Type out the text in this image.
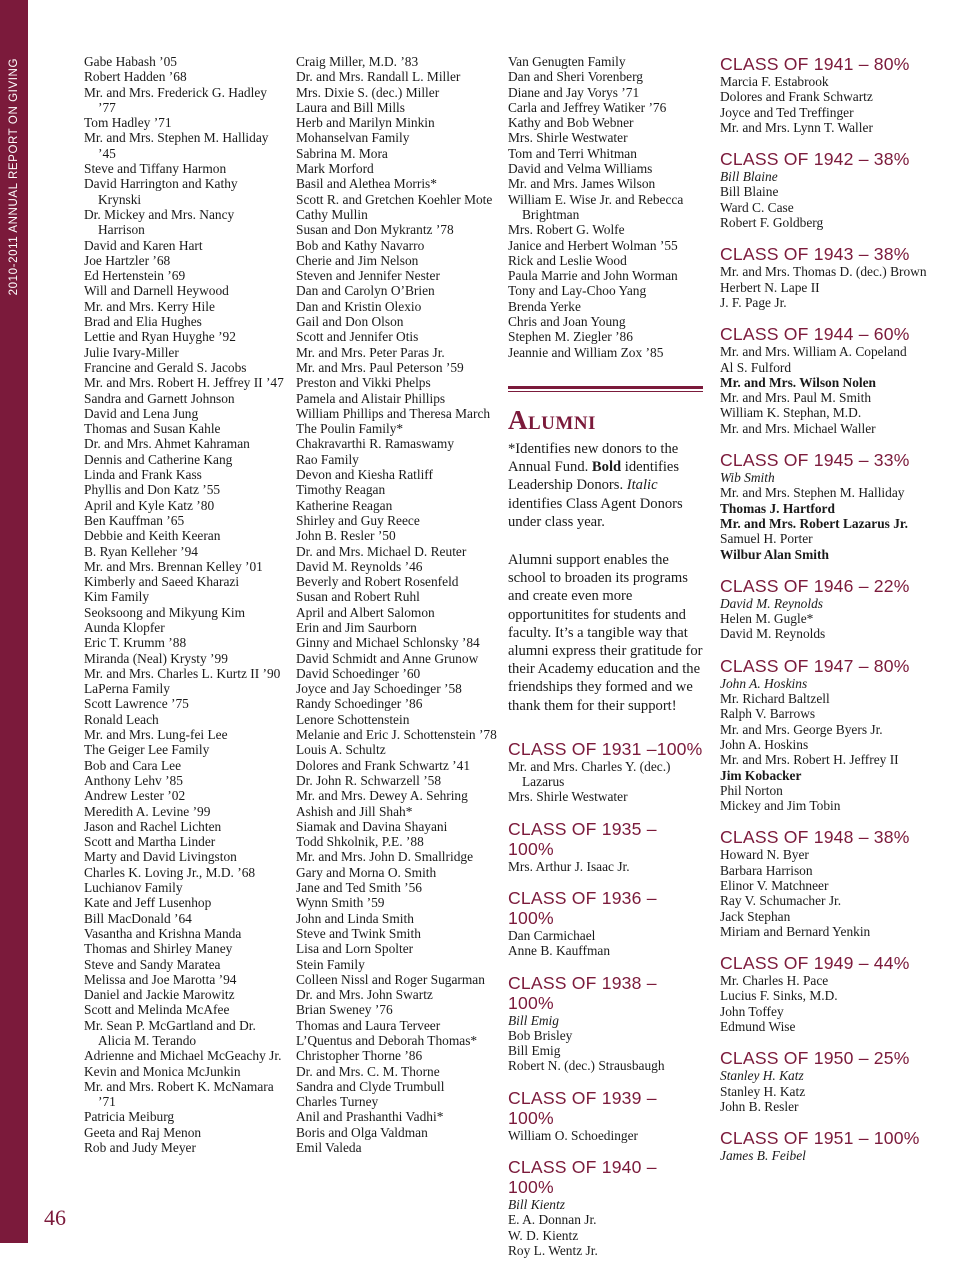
2010-2011 ANNUAL REPORT ON GIVING	Gabe Habash ’05
Robert Hadden ’68
Mr. and Mrs. Frederick G. Hadley ’77
Tom Hadley ’71
Mr. and Mrs. Stephen M. Halliday ’45
Steve and Tiffany Harmon
David Harrington and Kathy Krynski
Dr. Mickey and Mrs. Nancy Harrison
David and Karen Hart
Joe Hartzler ’68
Ed Hertenstein ’69
Will and Darnell Heywood
Mr. and Mrs. Kerry Hile
Brad and Elia Hughes
Lettie and Ryan Huyghe ’92
Julie Ivary-Miller
Francine and Gerald S. Jacobs
Mr. and Mrs. Robert H. Jeffrey II ’47
Sandra and Garnett Johnson
David and Lena Jung
Thomas and Susan Kahle
Dr. and Mrs. Ahmet Kahraman
Dennis and Catherine Kang
Linda and Frank Kass
Phyllis and Don Katz ’55
April and Kyle Katz ’80
Ben Kauffman ’65
Debbie and Keith Keeran
B. Ryan Kelleher ’94
Mr. and Mrs. Brennan Kelley ’01
Kimberly and Saeed Kharazi
Kim Family
Seoksoong and Mikyung Kim
Aunda Klopfer
Eric T. Krumm ’88
Miranda (Neal) Krysty ’99
Mr. and Mrs. Charles L. Kurtz II ’90
LaPerna Family
Scott Lawrence ’75
Ronald Leach
Mr. and Mrs. Lung-fei Lee
The Geiger Lee Family
Bob and Cara Lee
Anthony Lehv ’85
Andrew Lester ’02
Meredith A. Levine ’99
Jason and Rachel Lichten
Scott and Martha Linder
Marty and David Livingston
Charles K. Loving Jr., M.D. ’68
Luchianov Family
Kate and Jeff Lusenhop
Bill MacDonald ’64
Vasantha and Krishna Manda
Thomas and Shirley Maney
Steve and Sandy Maratea
Melissa and Joe Marotta ’94
Daniel and Jackie Marowitz
Scott and Melinda McAfee
Mr. Sean P. McGartland and Dr. Alicia M. Terando
Adrienne and Michael McGeachy Jr.
Kevin and Monica McJunkin
Mr. and Mrs. Robert K. McNamara ’71
Patricia Meiburg
Geeta and Raj Menon
Rob and Judy Meyer
Craig Miller, M.D. ’83
Dr. and Mrs. Randall L. Miller
Mrs. Dixie S. (dec.) Miller
Laura and Bill Mills
Herb and Marilyn Minkin
Mohanselvan Family
Sabrina M. Mora
Mark Morford
Basil and Alethea Morris*
Scott R. and Gretchen Koehler Mote
Cathy Mullin
Susan and Don Mykrantz ’78
Bob and Kathy Navarro
Cherie and Jim Nelson
Steven and Jennifer Nester
Dan and Carolyn O’Brien
Dan and Kristin Olexio
Gail and Don Olson
Scott and Jennifer Otis
Mr. and Mrs. Peter Paras Jr.
Mr. and Mrs. Paul Peterson ’59
Preston and Vikki Phelps
Pamela and Alistair Phillips
William Phillips and Theresa March
The Poulin Family*
Chakravarthi R. Ramaswamy
Rao Family
Devon and Kiesha Ratliff
Timothy Reagan
Katherine Reagan
Shirley and Guy Reece
John B. Resler ’50
Dr. and Mrs. Michael D. Reuter
David M. Reynolds ’46
Beverly and Robert Rosenfeld
Susan and Robert Ruhl
April and Albert Salomon
Erin and Jim Saurborn
Ginny and Michael Schlonsky ’84
David Schmidt and Anne Grunow
David Schoedinger ’60
Joyce and Jay Schoedinger ’58
Randy Schoedinger ’86
Lenore Schottenstein
Melanie and Eric J. Schottenstein ’78
Louis A. Schultz
Dolores and Frank Schwartz ’41
Dr. John R. Schwarzell ’58
Mr. and Mrs. Dewey A. Sehring
Ashish and Jill Shah*
Siamak and Davina Shayani
Todd Shkolnik, P.E. ’88
Mr. and Mrs. John D. Smallridge
Gary and Morna O. Smith
Jane and Ted Smith ’56
Wynn Smith ’59
John and Linda Smith
Steve and Twink Smith
Lisa and Lorn Spolter
Stein Family
Colleen Nissl and Roger Sugarman
Dr. and Mrs. John Swartz
Brian Sweney ’76
Thomas and Laura Terveer
L’Quentus and Deborah Thomas*
Christopher Thorne ’86
Dr. and Mrs. C. M. Thorne
Sandra and Clyde Trumbull
Charles Turney
Anil and Prashanthi Vadhi*
Boris and Olga Valdman
Emil Valeda
Van Genugten Family
Dan and Sheri Vorenberg
Diane and Jay Vorys ’71
Carla and Jeffrey Watiker ’76
Kathy and Bob Webner
Mrs. Shirle Westwater
Tom and Terri Whitman
David and Velma Williams
Mr. and Mrs. James Wilson
William E. Wise Jr. and Rebecca Brightman
Mrs. Robert G. Wolfe
Janice and Herbert Wolman ’55
Rick and Leslie Wood
Paula Marrie and John Worman
Tony and Lay-Choo Yang
Brenda Yerke
Chris and Joan Young
Stephen M. Ziegler ’86
Jeannie and William Zox ’85
Alumni
*Identifies new donors to the Annual Fund. Bold identifies Leadership Donors. Italic identifies Class Agent Donors under class year.
Alumni support enables the school to broaden its programs and create even more opportunitites for students and faculty. It’s a tangible way that alumni express their gratitude for their Academy education and the friendships they formed and we thank them for their support!
CLASS OF 1931 –100%
Mr. and Mrs. Charles Y. (dec.) Lazarus
Mrs. Shirle Westwater
CLASS OF 1935 – 100%
Mrs. Arthur J. Isaac Jr.
CLASS OF 1936 – 100%
Dan Carmichael
Anne B. Kauffman
CLASS OF 1938 – 100%
Bill Emig
Bob Brisley
Bill Emig
Robert N. (dec.) Strausbaugh
CLASS OF 1939 – 100%
William O. Schoedinger
CLASS OF 1940 – 100%
Bill Kientz
E. A. Donnan Jr.
W. D. Kientz
Roy L. Wentz Jr.
CLASS OF 1941 – 80%
Marcia F. Estabrook
Dolores and Frank Schwartz
Joyce and Ted Treffinger
Mr. and Mrs. Lynn T. Waller
CLASS OF 1942 – 38%
Bill Blaine
Bill Blaine
Ward C. Case
Robert F. Goldberg
CLASS OF 1943 – 38%
Mr. and Mrs. Thomas D. (dec.) Brown
Herbert N. Lape II
J. F. Page Jr.
CLASS OF 1944 – 60%
Mr. and Mrs. William A. Copeland
Al S. Fulford
Mr. and Mrs. Wilson Nolen
Mr. and Mrs. Paul M. Smith
William K. Stephan, M.D.
Mr. and Mrs. Michael Waller
CLASS OF 1945 – 33%
Wib Smith
Mr. and Mrs. Stephen M. Halliday
Thomas J. Hartford
Mr. and Mrs. Robert Lazarus Jr.
Samuel H. Porter
Wilbur Alan Smith
CLASS OF 1946 – 22%
David M. Reynolds
Helen M. Gugle*
David M. Reynolds
CLASS OF 1947 – 80%
John A. Hoskins
Mr. Richard Baltzell
Ralph V. Barrows
Mr. and Mrs. George Byers Jr.
John A. Hoskins
Mr. and Mrs. Robert H. Jeffrey II
Jim Kobacker
Phil Norton
Mickey and Jim Tobin
CLASS OF 1948 – 38%
Howard N. Byer
Barbara Harrison
Elinor V. Matchneer
Ray V. Schumacher Jr.
Jack Stephan
Miriam and Bernard Yenkin
CLASS OF 1949 – 44%
Mr. Charles H. Pace
Lucius F. Sinks, M.D.
John Toffey
Edmund Wise
CLASS OF 1950 – 25%
Stanley H. Katz
Stanley H. Katz
John B. Resler
CLASS OF 1951 – 100%
James B. Feibel
46
